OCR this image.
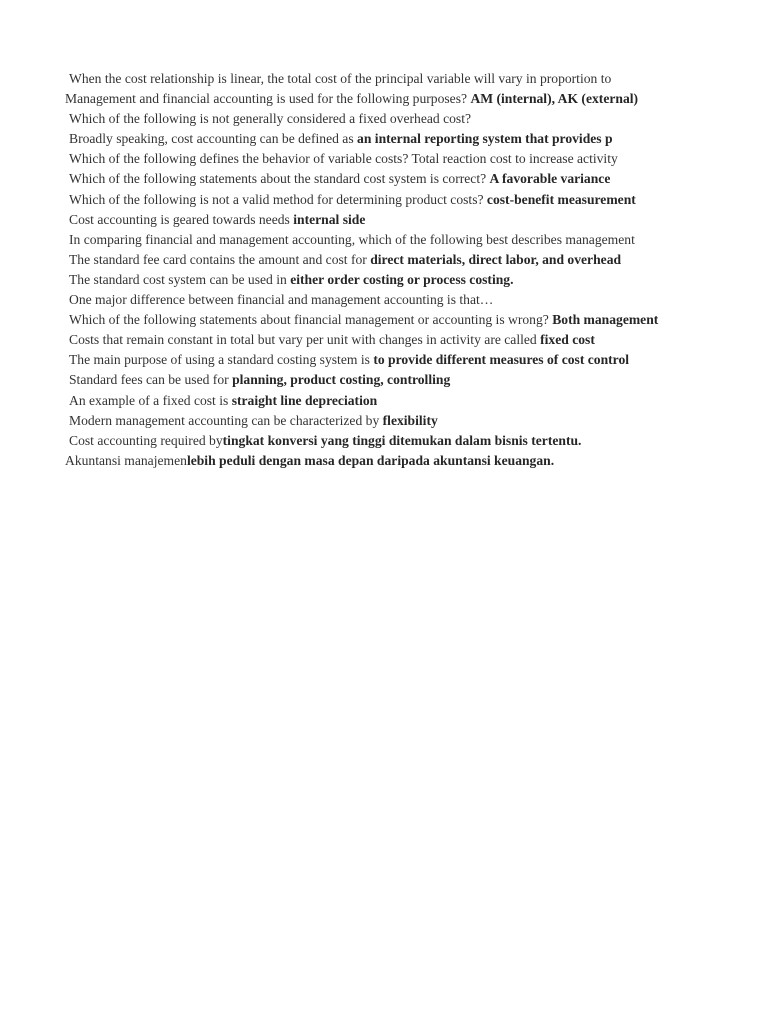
When the cost relationship is linear, the total cost of the principal variable will vary in proportion to
Management and financial accounting is used for the following purposes? AM (internal), AK (external)
Which of the following is not generally considered a fixed overhead cost?
Broadly speaking, cost accounting can be defined as an internal reporting system that provides p
Which of the following defines the behavior of variable costs? Total reaction cost to increase activity
Which of the following statements about the standard cost system is correct? A favorable variance
Which of the following is not a valid method for determining product costs? cost-benefit measurement
Cost accounting is geared towards needs internal side
In comparing financial and management accounting, which of the following best describes management
The standard fee card contains the amount and cost for direct materials, direct labor, and overhead
The standard cost system can be used in either order costing or process costing.
One major difference between financial and management accounting is that…
Which of the following statements about financial management or accounting is wrong? Both management
Costs that remain constant in total but vary per unit with changes in activity are called fixed cost
The main purpose of using a standard costing system is to provide different measures of cost control
Standard fees can be used for planning, product costing, controlling
An example of a fixed cost is straight line depreciation
Modern management accounting can be characterized by flexibility
Cost accounting required bytingkat konversi yang tinggi ditemukan dalam bisnis tertentu.
Akuntansi manajemenlebih peduli dengan masa depan daripada akuntansi keuangan.
